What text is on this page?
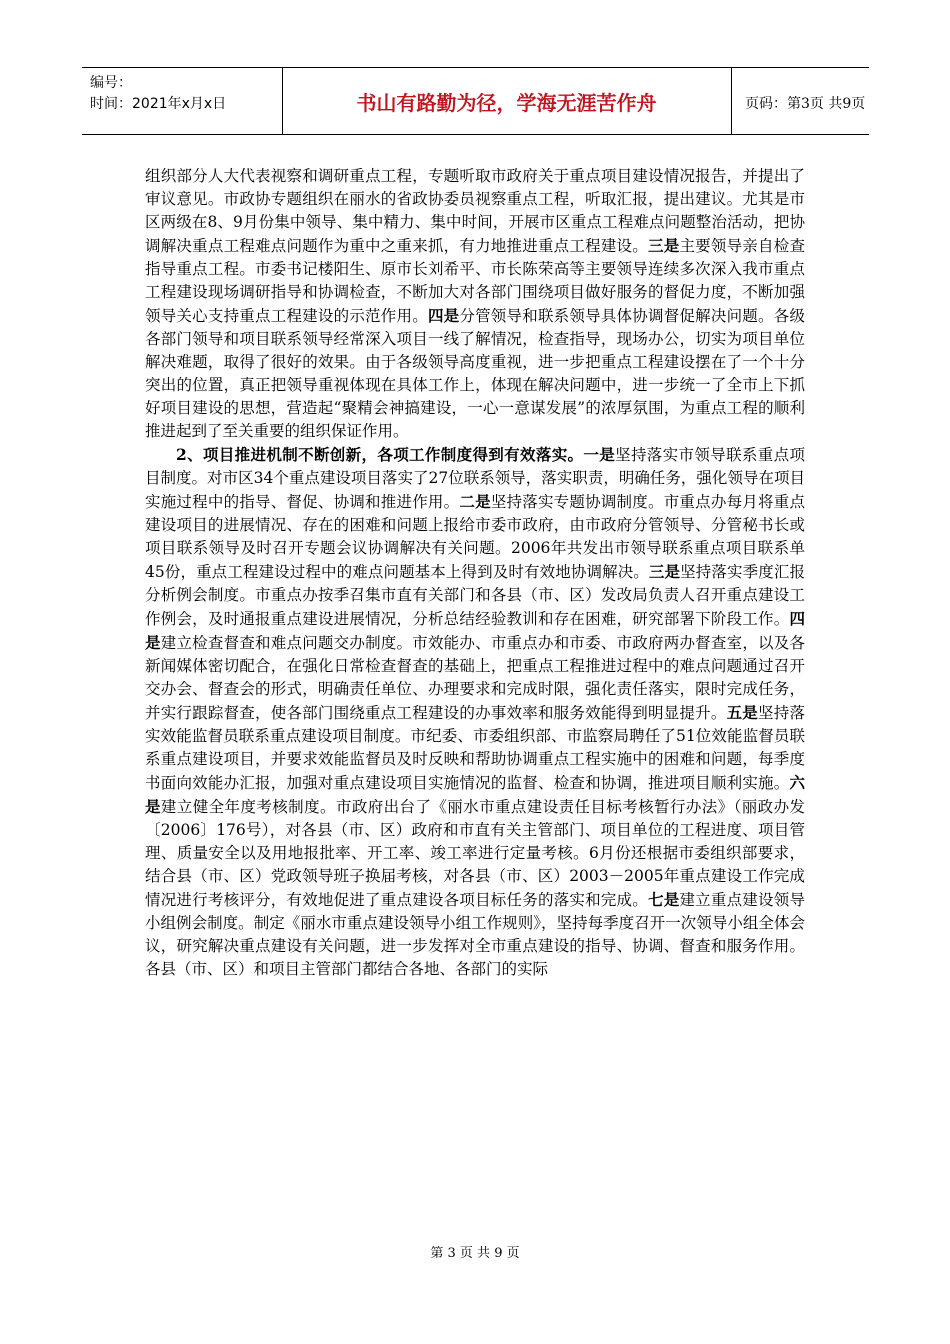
编号：
时间：2021年x月x日	书山有路勤为径，学海无涯苦作舟	页码：第3页 共9页

组织部分人大代表视察和调研重点工程，专题听取市政府关于重点项目建设情况报告，并提出了审议意见。市政协专题组织在丽水的省政协委员视察重点工程，听取汇报，提出建议。尤其是市区两级在8、9月份集中领导、集中精力、集中时间，开展市区重点工程难点问题整治活动，把协调解决重点工程难点问题作为重中之重来抓，有力地推进重点工程建设。三是主要领导亲自检查指导重点工程。市委书记楼阳生、原市长刘希平、市长陈荣高等主要领导连续多次深入我市重点工程建设现场调研指导和协调检查，不断加大对各部门围绕项目做好服务的督促力度，不断加强领导关心支持重点工程建设的示范作用。四是分管领导和联系领导具体协调督促解决问题。各级各部门领导和项目联系领导经常深入项目一线了解情况，检查指导，现场办公，切实为项目单位解决难题，取得了很好的效果。由于各级领导高度重视，进一步把重点工程建设摆在了一个十分突出的位置，真正把领导重视体现在具体工作上，体现在解决问题中，进一步统一了全市上下抓好项目建设的思想，营造起“聚精会神搞建设，一心一意谋发展”的浓厚氛围，为重点工程的顺利推进起到了至关重要的组织保证作用。

2、项目推进机制不断创新，各项工作制度得到有效落实。一是坚持落实市领导联系重点项目制度。对市区34个重点建设项目落实了27位联系领导，落实职责，明确任务，强化领导在项目实施过程中的指导、督促、协调和推进作用。二是坚持落实专题协调制度。市重点办每月将重点建设项目的进展情况、存在的困难和问题上报给市委市政府，由市政府分管领导、分管秘书长或项目联系领导及时召开专题会议协调解决有关问题。2006年共发出市领导联系重点项目联系单45份，重点工程建设过程中的难点问题基本上得到及时有效地协调解决。三是坚持落实季度汇报分析例会制度。市重点办按季召集市直有关部门和各县（市、区）发改局负责人召开重点建设工作例会，及时通报重点建设进展情况，分析总结经验教训和存在困难，研究部署下阶段工作。四是建立检查督查和难点问题交办制度。市效能办、市重点办和市委、市政府两办督查室，以及各新闻媒体密切配合，在强化日常检查督查的基础上，把重点工程推进过程中的难点问题通过召开交办会、督查会的形式，明确责任单位、办理要求和完成时限，强化责任落实，限时完成任务，并实行跟踪督查，使各部门围绕重点工程建设的办事效率和服务效能得到明显提升。五是坚持落实效能监督员联系重点建设项目制度。市纪委、市委组织部、市监察局聘任了51位效能监督员联系重点建设项目，并要求效能监督员及时反映和帮助协调重点工程实施中的困难和问题，每季度书面向效能办汇报，加强对重点建设项目实施情况的监督、检查和协调，推进项目顺利实施。六是建立健全年度考核制度。市政府出台了《丽水市重点建设责任目标考核暂行办法》（丽政办发〔2006〕176号），对各县（市、区）政府和市直有关主管部门、项目单位的工程进度、项目管理、质量安全以及用地报批率、开工率、竣工率进行定量考核。6月份还根据市委组织部要求，结合县（市、区）党政领导班子换届考核，对各县（市、区）2003－2005年重点建设工作完成情况进行考核评分，有效地促进了重点建设各项目标任务的落实和完成。七是建立重点建设领导小组例会制度。制定《丽水市重点建设领导小组工作规则》，坚持每季度召开一次领导小组全体会议，研究解决重点建设有关问题，进一步发挥对全市重点建设的指导、协调、督查和服务作用。各县（市、区）和项目主管部门都结合各地、各部门的实际

第 3 页 共 9 页
